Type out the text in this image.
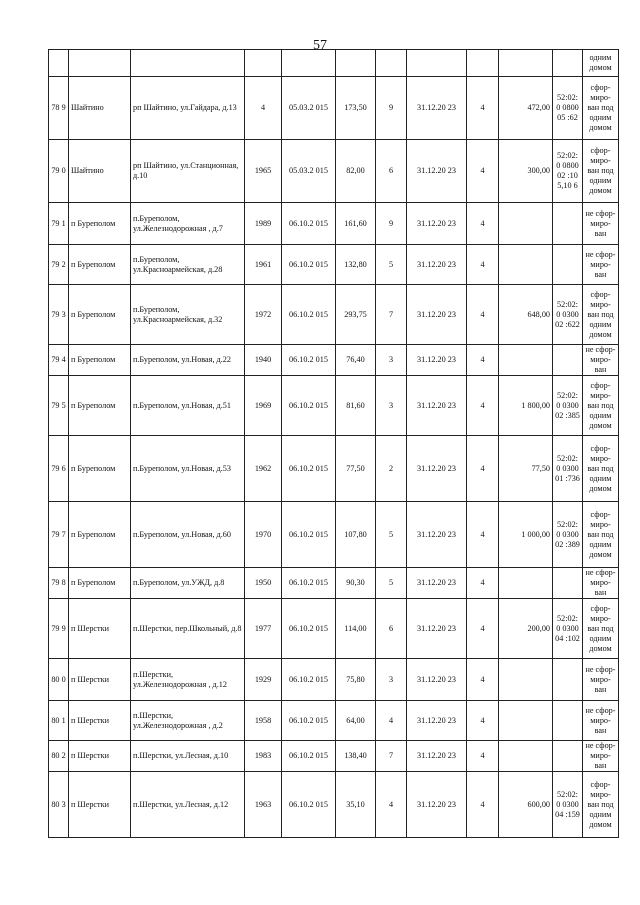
57
											одним домом
78 9	Шайтино	рп Шайтино, ул.Гайдара, д.13	4	05.03.2 015	173,50	9	31.12.20 23	4	472,00	52:02:0 080005 :62	сфор- миро- ван под одним домом
79 0	Шайтино	рп Шайтино, ул.Станционная, д.10	1965	05.03.2 015	82,00	6	31.12.20 23	4	300,00	52:02:0 080002 :105,10 6	сфор- миро- ван под одним домом
79 1	п Буреполом	п.Буреполом, ул.Железнодорожная , д.7	1989	06.10.2 015	161,60	9	31.12.20 23	4			не сфор- миро- ван
79 2	п Буреполом	п.Буреполом, ул.Красноармейская, д.28	1961	06.10.2 015	132,80	5	31.12.20 23	4			не сфор- миро- ван
79 3	п Буреполом	п.Буреполом, ул.Красноармейская, д.32	1972	06.10.2 015	293,75	7	31.12.20 23	4	648,00	52:02:0 030002 :622	сфор- миро- ван под одним домом
79 4	п Буреполом	п.Буреполом, ул.Новая, д.22	1940	06.10.2 015	76,40	3	31.12.20 23	4			не сфор- миро- ван
79 5	п Буреполом	п.Буреполом, ул.Новая, д.51	1969	06.10.2 015	81,60	3	31.12.20 23	4	1 800,00	52:02:0 030002 :385	сфор- миро- ван под одним домом
79 6	п Буреполом	п.Буреполом, ул.Новая, д.53	1962	06.10.2 015	77,50	2	31.12.20 23	4	77,50	52:02:0 030001 :736	сфор- миро- ван под одним домом
79 7	п Буреполом	п.Буреполом, ул.Новая, д.60	1970	06.10.2 015	107,80	5	31.12.20 23	4	1 000,00	52:02:0 030002 :389	сфор- миро- ван под одним домом
79 8	п Буреполом	п.Буреполом, ул.УЖД, д.8	1950	06.10.2 015	90,30	5	31.12.20 23	4			не сфор- миро- ван
79 9	п Шерстки	п.Шерстки, пер.Школьный, д.8	1977	06.10.2 015	114,00	6	31.12.20 23	4	200,00	52:02:0 030004 :102	сфор- миро- ван под одним домом
80 0	п Шерстки	п.Шерстки, ул.Железнодорожная , д.12	1929	06.10.2 015	75,80	3	31.12.20 23	4			не сфор- миро- ван
80 1	п Шерстки	п.Шерстки, ул.Железнодорожная , д.2	1958	06.10.2 015	64,00	4	31.12.20 23	4			не сфор- миро- ван
80 2	п Шерстки	п.Шерстки, ул.Лесная, д.10	1983	06.10.2 015	138,40	7	31.12.20 23	4			не сфор- миро- ван
80 3	п Шерстки	п.Шерстки, ул.Лесная, д.12	1963	06.10.2 015	35,10	4	31.12.20 23	4	600,00	52:02:0 030004 :159	сфор- миро- ван под одним домом
